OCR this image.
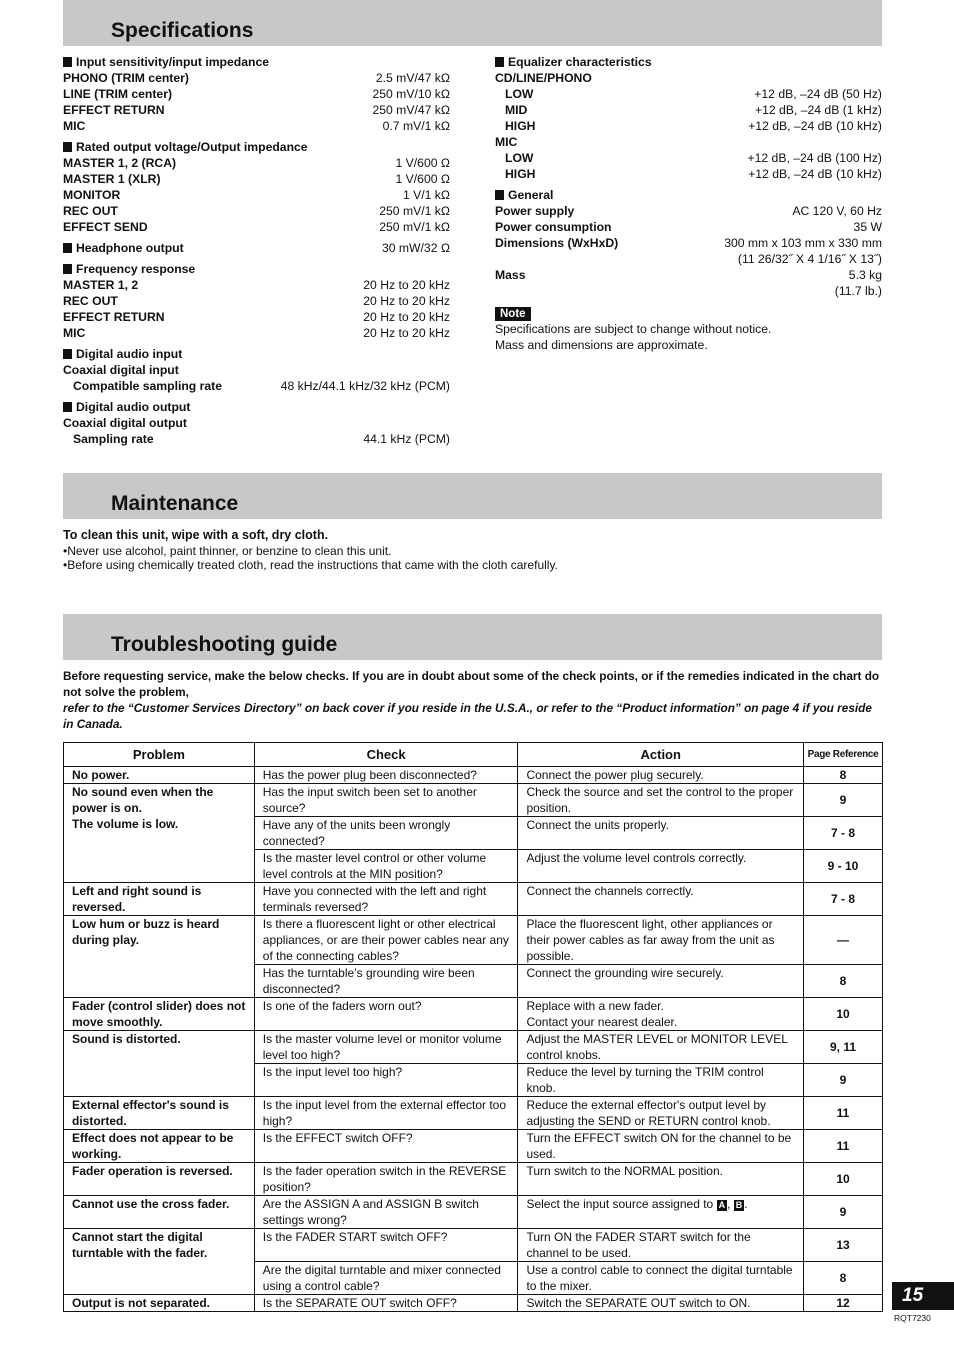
Specifications
Input sensitivity/input impedance
PHONO (TRIM center)	2.5 mV/47 kΩ
LINE (TRIM center)	250 mV/10 kΩ
EFFECT RETURN	250 mV/47 kΩ
MIC	0.7 mV/1 kΩ
Rated output voltage/Output impedance
MASTER 1, 2 (RCA)	1 V/600 Ω
MASTER 1 (XLR)	1 V/600 Ω
MONITOR	1 V/1 kΩ
REC OUT	250 mV/1 kΩ
EFFECT SEND	250 mV/1 kΩ
Headphone output	30 mW/32 Ω
Frequency response
MASTER 1, 2	20 Hz to 20 kHz
REC OUT	20 Hz to 20 kHz
EFFECT RETURN	20 Hz to 20 kHz
MIC	20 Hz to 20 kHz
Digital audio input
Coaxial digital input
Compatible sampling rate	48 kHz/44.1 kHz/32 kHz (PCM)
Digital audio output
Coaxial digital output
Sampling rate	44.1 kHz (PCM)
Equalizer characteristics
CD/LINE/PHONO
LOW	+12 dB, –24 dB (50 Hz)
MID	+12 dB, –24 dB (1 kHz)
HIGH	+12 dB, –24 dB (10 kHz)
MIC
LOW	+12 dB, –24 dB (100 Hz)
HIGH	+12 dB, –24 dB (10 kHz)
General
Power supply	AC 120 V, 60 Hz
Power consumption	35 W
Dimensions (WxHxD)	300 mm x 103 mm x 330 mm
(11 26/32˝ X 4 1/16˝ X 13˝)
Mass	5.3 kg
(11.7 lb.)
Note
Specifications are subject to change without notice.
Mass and dimensions are approximate.
Maintenance
To clean this unit, wipe with a soft, dry cloth.
•Never use alcohol, paint thinner, or benzine to clean this unit.
•Before using chemically treated cloth, read the instructions that came with the cloth carefully.
Troubleshooting guide
Before requesting service, make the below checks. If you are in doubt about some of the check points, or if the remedies indicated in the chart do not solve the problem,
refer to the “Customer Services Directory” on back cover if you reside in the U.S.A., or refer to the “Product information” on page 4 if you reside in Canada.
Problem	Check	Action	Page Reference

No power.	Has the power plug been disconnected?	Connect the power plug securely.	8

No sound even when the power is on.
The volume is low.	Has the input switch been set to another source?	Check the source and set the control to the proper position.	9
	Have any of the units been wrongly connected?	Connect the units properly.	7 - 8
	Is the master level control or other volume level controls at the MIN position?	Adjust the volume level controls correctly.	9 - 10

Left and right sound is reversed.	Have you connected with the left and right terminals reversed?	Connect the channels correctly.	7 - 8

Low hum or buzz is heard during play.	Is there a fluorescent light or other electrical appliances, or are their power cables near any of the connecting cables?	Place the fluorescent light, other appliances or their power cables as far away from the unit as possible.	—
	Has the turntable’s grounding wire been disconnected?	Connect the grounding wire securely.	8

Fader (control slider) does not move smoothly.	Is one of the faders worn out?	Replace with a new fader.
Contact your nearest dealer.	10

Sound is distorted.	Is the master volume level or monitor volume level too high?	Adjust the MASTER LEVEL or MONITOR LEVEL control knobs.	9, 11
	Is the input level too high?	Reduce the level by turning the TRIM control knob.	9

External effector's sound is distorted.	Is the input level from the external effector too high?	Reduce the external effector's output level by adjusting the SEND or RETURN control knob.	11

Effect does not appear to be working.	Is the EFFECT switch OFF?	Turn the EFFECT switch ON for the channel to be used.	11

Fader operation is reversed.	Is the fader operation switch in the REVERSE position?	Turn switch to the NORMAL position.	10

Cannot use the cross fader.	Are the ASSIGN A and ASSIGN B switch settings wrong?	Select the input source assigned to A , B .	9

Cannot start the digital turntable with the fader.	Is the FADER START switch OFF?	Turn ON the FADER START switch for the channel to be used.	13
	Are the digital turntable and mixer connected using a control cable?	Use a control cable to connect the digital turntable to the mixer.	8

Output is not separated.	Is the SEPARATE OUT switch OFF?	Switch the SEPARATE OUT switch to ON.	12	15
RQT7230
